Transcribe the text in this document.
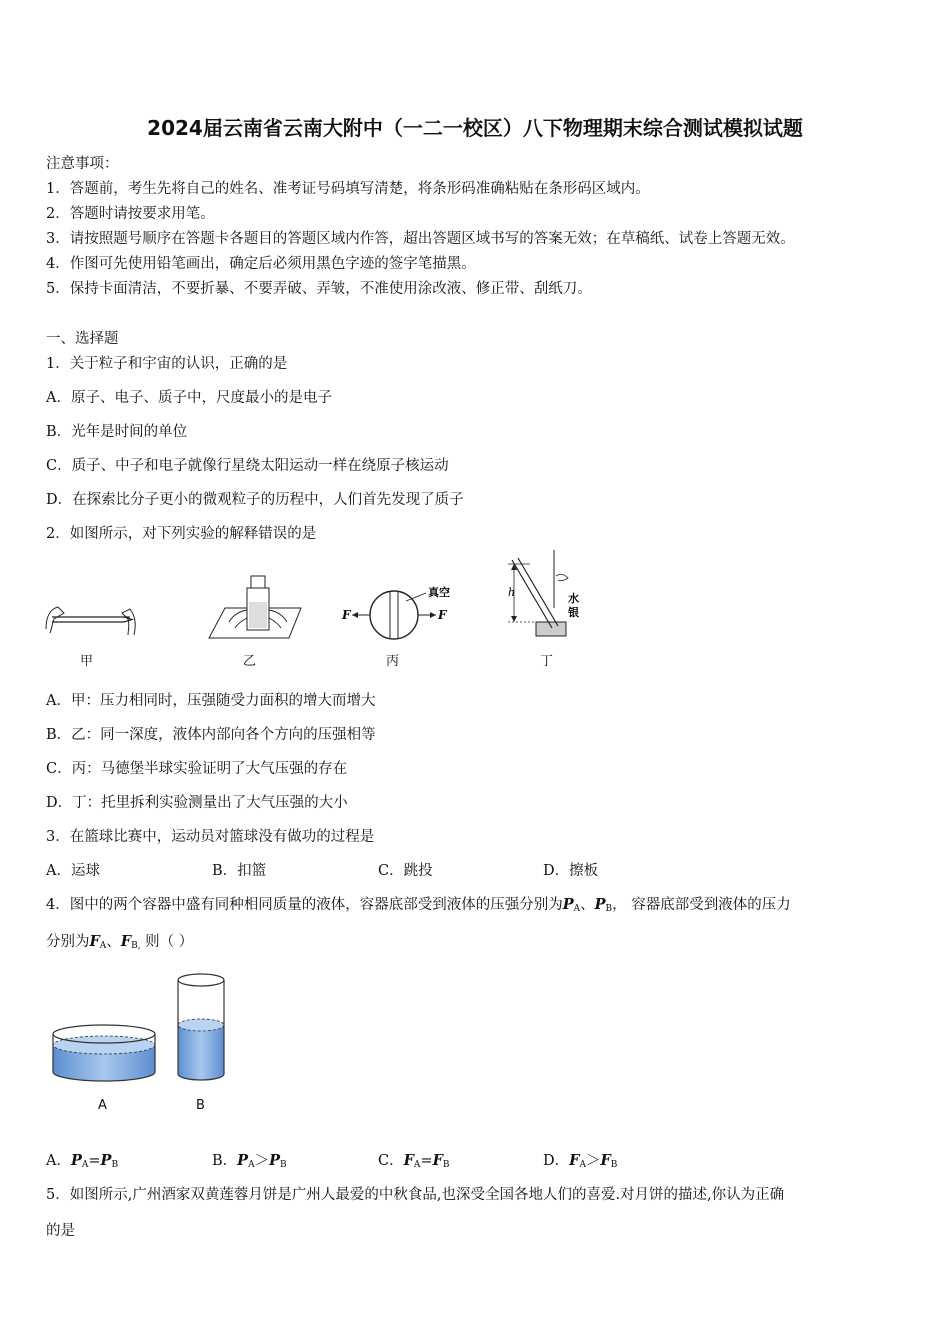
2024届云南省云南大附中（一二一校区）八下物理期末综合测试模拟试题
注意事项：
1．答题前，考生先将自己的姓名、准考证号码填写清楚，将条形码准确粘贴在条形码区域内。
2．答题时请按要求用笔。
3．请按照题号顺序在答题卡各题目的答题区域内作答，超出答题区域书写的答案无效；在草稿纸、试卷上答题无效。
4．作图可先使用铅笔画出，确定后必须用黑色字迹的签字笔描黑。
5．保持卡面清洁，不要折暴、不要弄破、弄皱，不准使用涂改液、修正带、刮纸刀。
一、选择题
1．关于粒子和宇宙的认识，正确的是
A．原子、电子、质子中，尺度最小的是电子
B．光年是时间的单位
C．质子、中子和电子就像行星绕太阳运动一样在绕原子核运动
D．在探索比分子更小的微观粒子的历程中，人们首先发现了质子
2．如图所示，对下列实验的解释错误的是
甲	乙
F	F
真空
丙
h	水
银
丁
A．甲：压力相同时，压强随受力面积的增大而增大
B．乙：同一深度，液体内部向各个方向的压强相等
C．丙：马德堡半球实验证明了大气压强的存在
D．丁：托里拆利实验测量出了大气压强的大小
3．在篮球比赛中，运动员对篮球没有做功的过程是
A．运球	B．扣篮	C．跳投	D．擦板
4．图中的两个容器中盛有同种相同质量的液体，容器底部受到液体的压强分别为$P_A$、$P_B$， 容器底部受到液体的压力
分别为$F_A$、$F_{B,}$ 则（ ）
A	B
A．$P_A=P_B$	B．$P_A>P_B$	C．$F_A=F_B$	D．$F_A>F_B$
5．如图所示,广州酒家双黄莲蓉月饼是广州人最爱的中秋食品,也深受全国各地人们的喜爱.对月饼的描述,你认为正确
的是
